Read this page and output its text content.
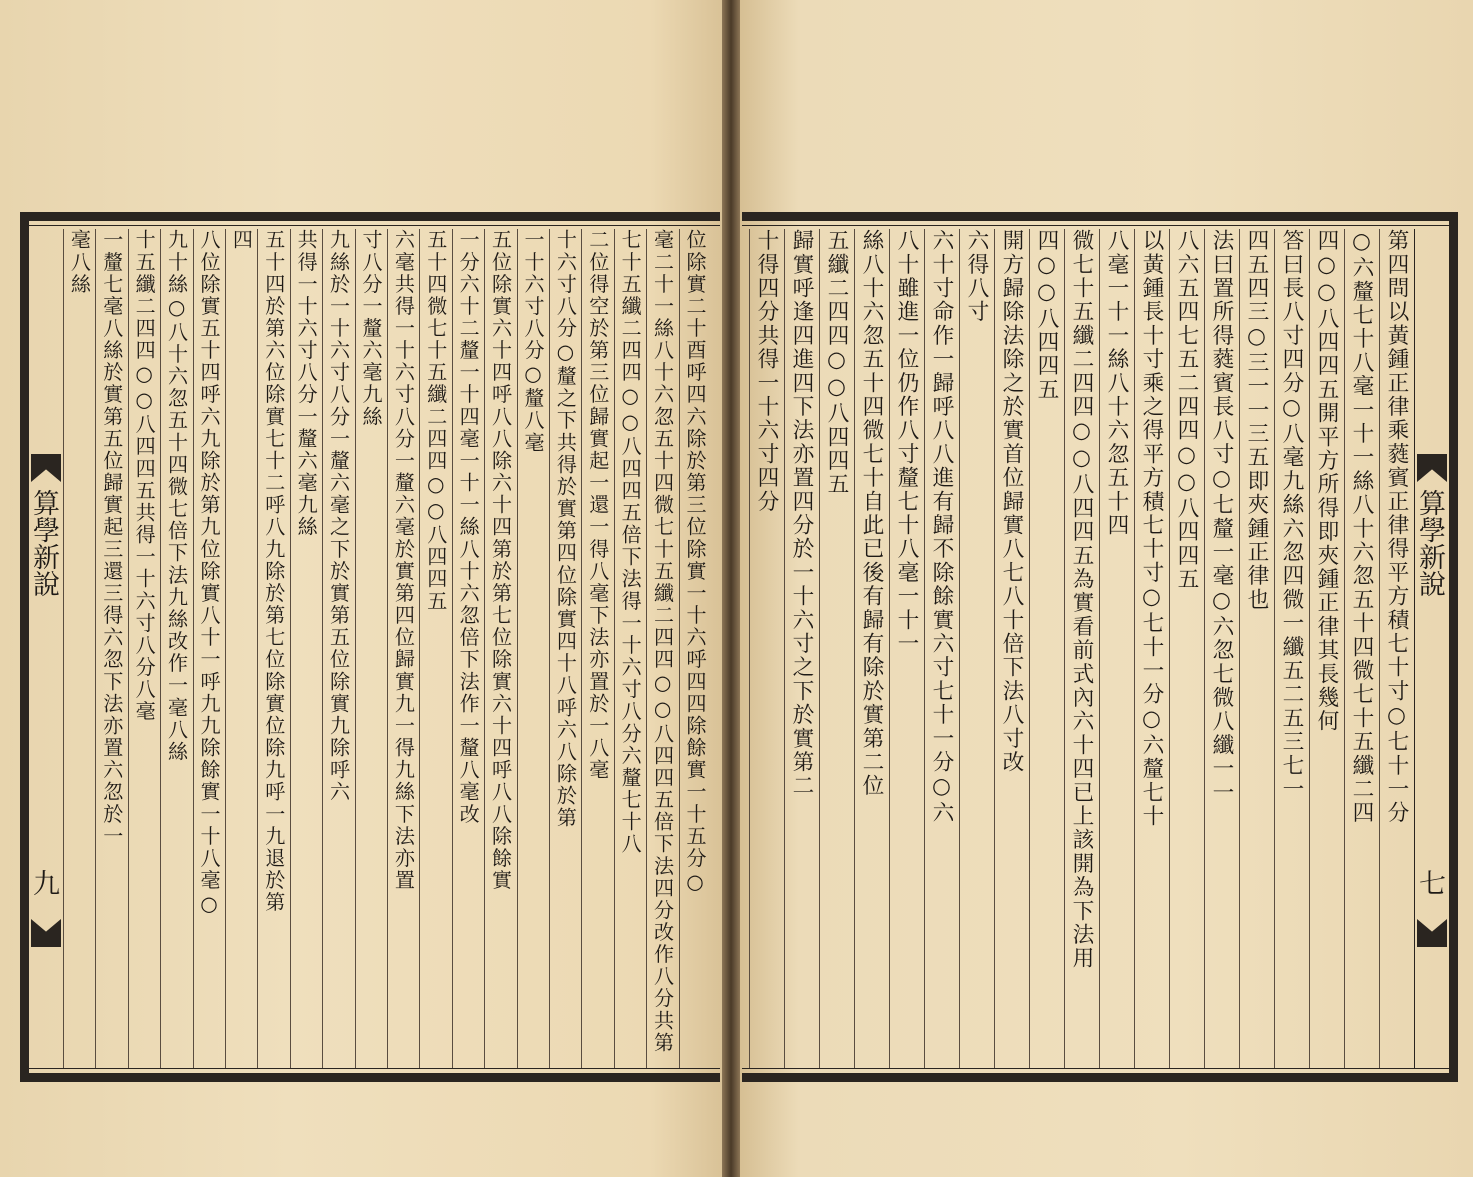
算學新說
九	位除實二十酉呼四六除於第三位除實一十六呼四四除餘實一十五分○
毫二十一絲八十六忽五十四微七十五纖二四四○○八四四五倍下法四分改作八分共第
七十五纖二四四○○八四四五倍下法得一十六寸八分六釐七十八
二位得空於第三位歸實起一還一得八毫下法亦置於一八毫
十六寸八分○釐之下共得於實第四位除實四十八呼六八除於第
一十六寸八分○釐八毫
五位除實六十四呼八八除六十四第於第七位除實六十四呼八八除餘實
一分六十二釐一十四毫一十一絲八十六忽倍下法作一釐八毫改
五十四微七十五纖二四四○○八四四五
六毫共得一十六寸八分一釐六毫於實第四位歸實九一得九絲下法亦置
寸八分一釐六毫九絲
九絲於一十六寸八分一釐六毫之下於實第五位除實九除呼六
共得一十六寸八分一釐六毫九絲
五十四於第六位除實七十二呼八九除於第七位除實位除九呼一九退於第
四
八位除實五十四呼六九除於第九位除實八十一呼九九除餘實一十八毫○
九十絲○八十六忽五十四微七倍下法九絲改作一毫八絲
十五纖二四四○○八四四五共得一十六寸八分八毫
一釐七毫八絲於實第五位歸實起三還三得六忽下法亦置六忽於一
毫八絲
算學新說
七
第四問以黃鍾正律乘蕤賓正律得平方積七十寸○七十一分
○六釐七十八毫一十一絲八十六忽五十四微七十五纖二四
四○○八四四五開平方所得即夾鍾正律其長幾何
答曰長八寸四分○八毫九絲六忽四微一纖五二五三七一
四五四三○三一一三五即夾鍾正律也
法曰置所得蕤賓長八寸○七釐一毫○六忽七微八纖一一
八六五四七五二四四○○八四四五
以黃鍾長十寸乘之得平方積七十寸○七十一分○六釐七十
八毫一十一絲八十六忽五十四
微七十五纖二四四○○八四四五為實看前式內六十四已上該開為下法用
四○○八四四五
開方歸除法除之於實首位歸實八七八十倍下法八寸改
六得八寸
六十寸命作一歸呼八八進有歸不除餘實六寸七十一分○六
八十雖進一位仍作八寸釐七十八毫一十一
絲八十六忽五十四微七十自此已後有歸有除於實第二位
五纖二四四○○八四四五
歸實呼逢四進四下法亦置四分於一十六寸之下於實第二
十得四分共得一十六寸四分
